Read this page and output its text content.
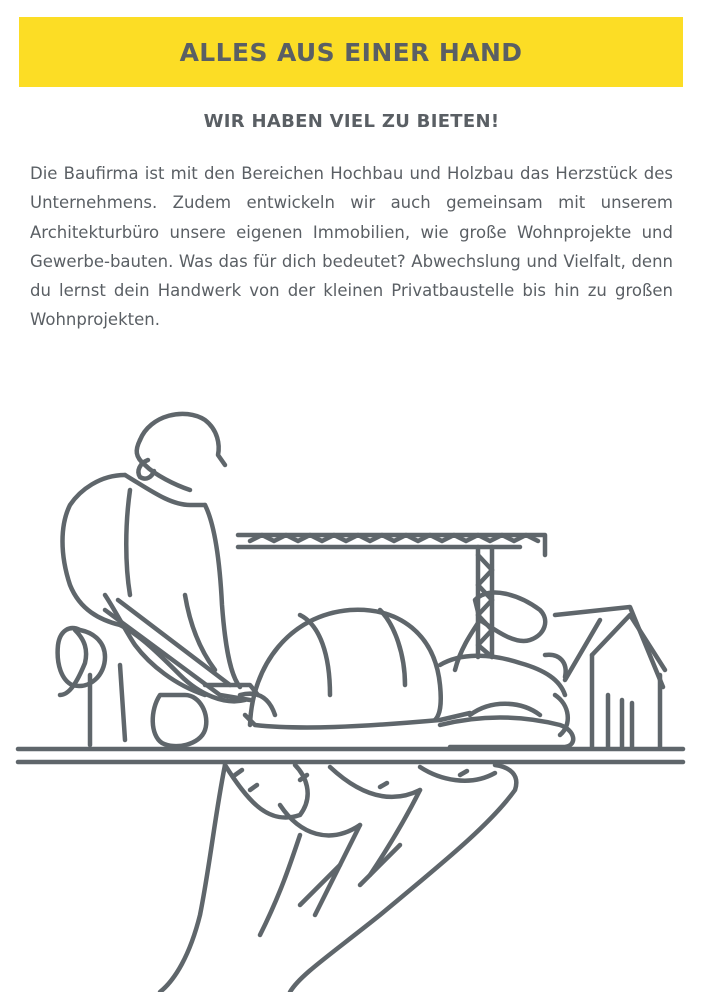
ALLES AUS EINER HAND
WIR HABEN VIEL ZU BIETEN!

Die Baufirma ist mit den Bereichen Hochbau und Holzbau das Herzstück des Unternehmens. Zudem entwickeln wir auch gemeinsam mit unserem Architekturbüro unsere eigenen Immobilien, wie große Wohnprojekte und Gewerbe-bauten. Was das für dich bedeutet? Abwechslung und Vielfalt, denn du lernst dein Handwerk von der kleinen Privatbaustelle bis hin zu großen Wohnprojekten.
